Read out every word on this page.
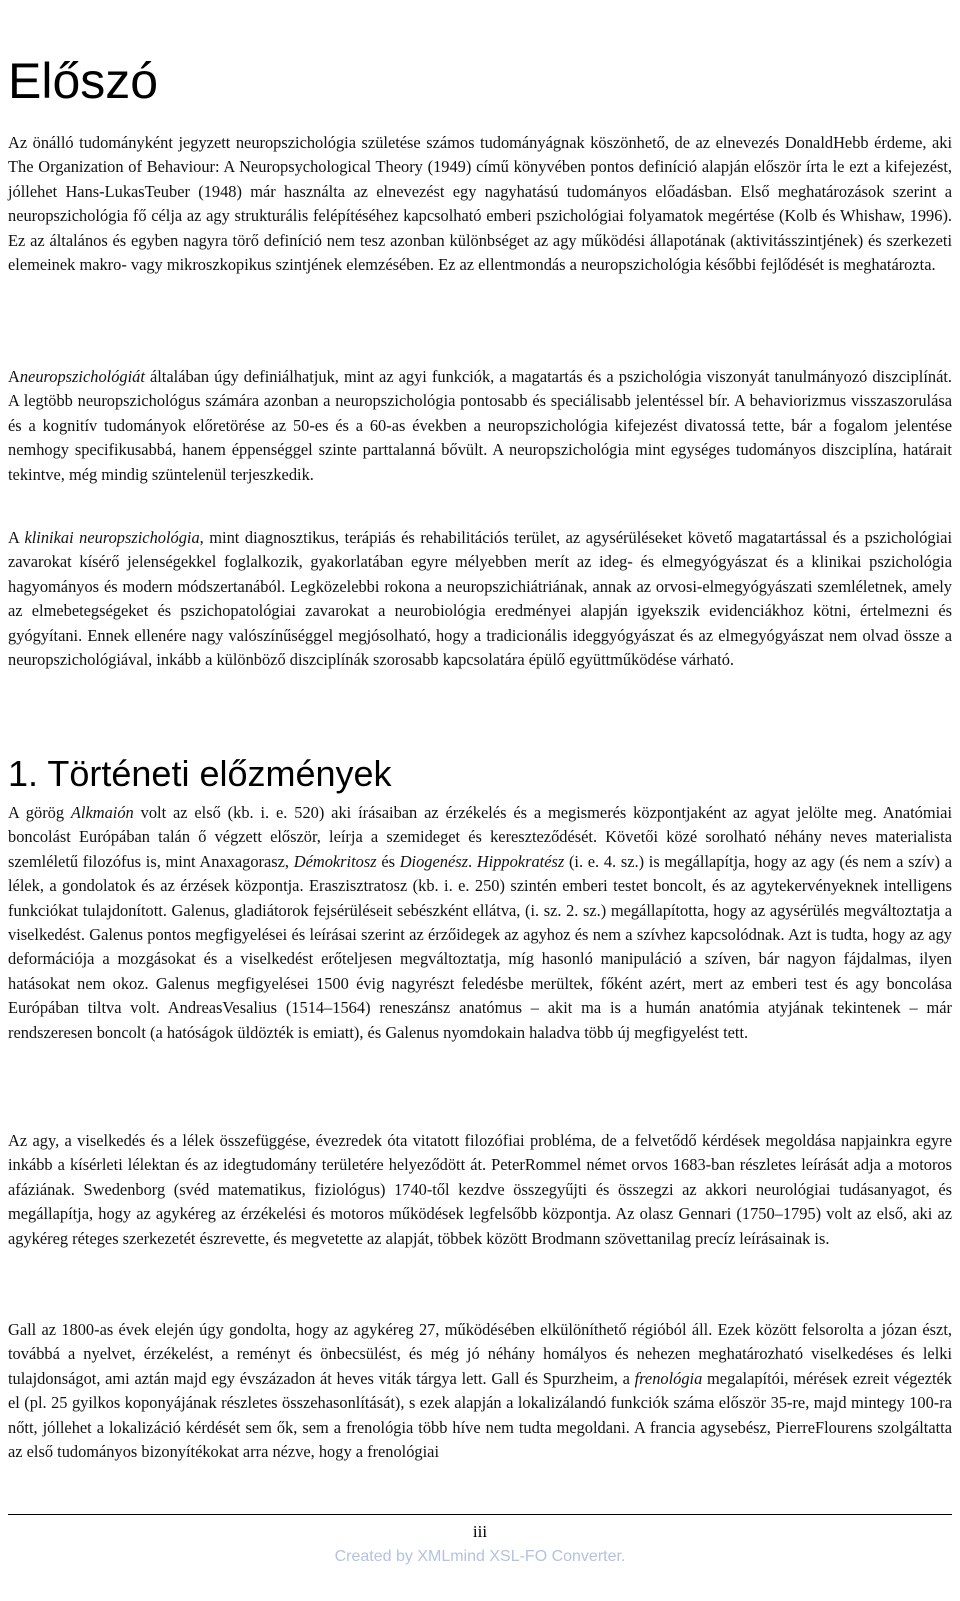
Előszó

Az önálló tudományként jegyzett neuropszichológia születése számos tudományágnak köszönhető, de az elnevezés DonaldHebb érdeme, aki The Organization of Behaviour: A Neuropsychological Theory (1949) című könyvében pontos definíció alapján először írta le ezt a kifejezést, jóllehet Hans-LukasTeuber (1948) már használta az elnevezést egy nagyhatású tudományos előadásban. Első meghatározások szerint a neuropszichológia fő célja az agy strukturális felépítéséhez kapcsolható emberi pszichológiai folyamatok megértése (Kolb és Whishaw, 1996). Ez az általános és egyben nagyra törő definíció nem tesz azonban különbséget az agy működési állapotának (aktivitásszintjének) és szerkezeti elemeinek makro- vagy mikroszkopikus szintjének elemzésében. Ez az ellentmondás a neuropszichológia későbbi fejlődését is meghatározta.

Aneuropszichológiát általában úgy definiálhatjuk, mint az agyi funkciók, a magatartás és a pszichológia viszonyát tanulmányozó diszciplínát. A legtöbb neuropszichológus számára azonban a neuropszichológia pontosabb és speciálisabb jelentéssel bír. A behaviorizmus visszaszorulása és a kognitív tudományok előretörése az 50-es és a 60-as években a neuropszichológia kifejezést divatossá tette, bár a fogalom jelentése nemhogy specifikusabbá, hanem éppenséggel szinte parttalanná bővült. A neuropszichológia mint egységes tudományos diszciplína, határait tekintve, még mindig szüntelenül terjeszkedik.

A klinikai neuropszichológia, mint diagnosztikus, terápiás és rehabilitációs terület, az agysérüléseket követő magatartással és a pszichológiai zavarokat kísérő jelenségekkel foglalkozik, gyakorlatában egyre mélyebben merít az ideg- és elmegyógyászat és a klinikai pszichológia hagyományos és modern módszertanából. Legközelebbi rokona a neuropszichiátriának, annak az orvosi-elmegyógyászati szemléletnek, amely az elmebetegségeket és pszichopatológiai zavarokat a neurobiológia eredményei alapján igyekszik evidenciákhoz kötni, értelmezni és gyógyítani. Ennek ellenére nagy valószínűséggel megjósolható, hogy a tradicionális ideggyógyászat és az elmegyógyászat nem olvad össze a neuropszichológiával, inkább a különböző diszciplínák szorosabb kapcsolatára épülő együttműködése várható.

1. Történeti előzmények

A görög Alkmaión volt az első (kb. i. e. 520) aki írásaiban az érzékelés és a megismerés központjaként az agyat jelölte meg. Anatómiai boncolást Európában talán ő végzett először, leírja a szemideget és kereszteződését. Követői közé sorolható néhány neves materialista szemléletű filozófus is, mint Anaxagorasz, Démokritosz és Diogenész. Hippokratész (i. e. 4. sz.) is megállapítja, hogy az agy (és nem a szív) a lélek, a gondolatok és az érzések központja. Eraszisztratosz (kb. i. e. 250) szintén emberi testet boncolt, és az agytekervényeknek intelligens funkciókat tulajdonított. Galenus, gladiátorok fejsérüléseit sebészként ellátva, (i. sz. 2. sz.) megállapította, hogy az agysérülés megváltoztatja a viselkedést. Galenus pontos megfigyelései és leírásai szerint az érzőidegek az agyhoz és nem a szívhez kapcsolódnak. Azt is tudta, hogy az agy deformációja a mozgásokat és a viselkedést erőteljesen megváltoztatja, míg hasonló manipuláció a szíven, bár nagyon fájdalmas, ilyen hatásokat nem okoz. Galenus megfigyelései 1500 évig nagyrészt feledésbe merültek, főként azért, mert az emberi test és agy boncolása Európában tiltva volt. AndreasVesalius (1514–1564) reneszánsz anatómus – akit ma is a humán anatómia atyjának tekintenek – már rendszeresen boncolt (a hatóságok üldözték is emiatt), és Galenus nyomdokain haladva több új megfigyelést tett.

Az agy, a viselkedés és a lélek összefüggése, évezredek óta vitatott filozófiai probléma, de a felvetődő kérdések megoldása napjainkra egyre inkább a kísérleti lélektan és az idegtudomány területére helyeződött át. PeterRommel német orvos 1683-ban részletes leírását adja a motoros afáziának. Swedenborg (svéd matematikus, fiziológus) 1740-től kezdve összegyűjti és összegzi az akkori neurológiai tudásanyagot, és megállapítja, hogy az agykéreg az érzékelési és motoros működések legfelsőbb központja. Az olasz Gennari (1750–1795) volt az első, aki az agykéreg réteges szerkezetét észrevette, és megvetette az alapját, többek között Brodmann szövettanilag precíz leírásainak is.

Gall az 1800-as évek elején úgy gondolta, hogy az agykéreg 27, működésében elkülöníthető régióból áll. Ezek között felsorolta a józan észt, továbbá a nyelvet, érzékelést, a reményt és önbecsülést, és még jó néhány homályos és nehezen meghatározható viselkedéses és lelki tulajdonságot, ami aztán majd egy évszázadon át heves viták tárgya lett. Gall és Spurzheim, a frenológia megalapítói, mérések ezreit végezték el (pl. 25 gyilkos koponyájának részletes összehasonlítását), s ezek alapján a lokalizálandó funkciók száma először 35-re, majd mintegy 100-ra nőtt, jóllehet a lokalizáció kérdését sem ők, sem a frenológia több híve nem tudta megoldani. A francia agysebész, PierreFlourens szolgáltatta az első tudományos bizonyítékokat arra nézve, hogy a frenológiai

iii
Created by XMLmind XSL-FO Converter.
